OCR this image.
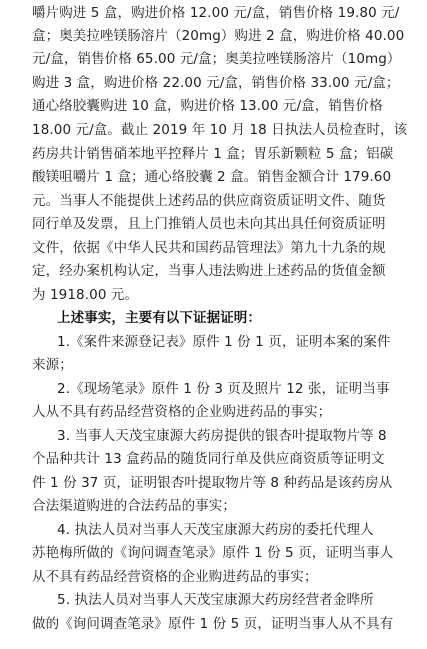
嚼片购进 5 盒，购进价格 12.00 元/盒，销售价格 19.80 元/
盒；奥美拉唑镁肠溶片（20mg）购进 2 盒，购进价格 40.00
元/盒，销售价格 65.00 元/盒；奥美拉唑镁肠溶片（10mg）
购进 3 盒，购进价格 22.00 元/盒，销售价格 33.00 元/盒；
通心络胶囊购进 10 盒，购进价格 13.00 元/盒，销售价格
18.00 元/盒。截止 2019 年 10 月 18 日执法人员检查时，该
药房共计销售硝苯地平控释片 1 盒；胃乐新颗粒 5 盒；铝碳
酸镁咀嚼片 1 盒；通心络胶囊 2 盒。销售金额合计 179.60
元。当事人不能提供上述药品的供应商资质证明文件、随货
同行单及发票，且上门推销人员也未向其出具任何资质证明
文件，依据《中华人民共和国药品管理法》第九十九条的规
定，经办案机构认定，当事人违法购进上述药品的货值金额
为 1918.00 元。
上述事实，主要有以下证据证明：
1.《案件来源登记表》原件 1 份 1 页，证明本案的案件
来源；
2.《现场笔录》原件 1 份 3 页及照片 12 张，证明当事
人从不具有药品经营资格的企业购进药品的事实；
3. 当事人天茂宝康源大药房提供的银杏叶提取物片等 8
个品种共计 13 盒药品的随货同行单及供应商资质等证明文
件 1 份 37 页，证明银杏叶提取物片等 8 种药品是该药房从
合法渠道购进的合法药品的事实；
4. 执法人员对当事人天茂宝康源大药房的委托代理人
苏艳梅所做的《询问调查笔录》原件 1 份 5 页，证明当事人
从不具有药品经营资格的企业购进药品的事实；
5. 执法人员对当事人天茂宝康源大药房经营者金晔所
做的《询问调查笔录》原件 1 份 5 页，证明当事人从不具有
